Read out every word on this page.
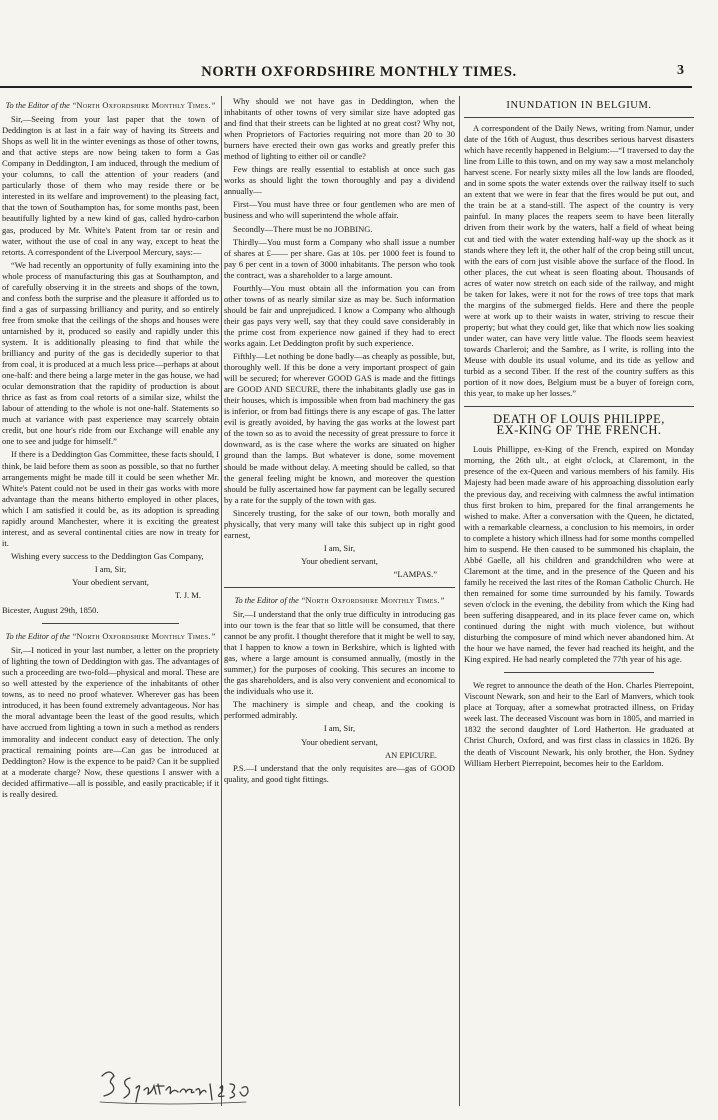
NORTH OXFORDSHIRE MONTHLY TIMES.	3

To the Editor of the “North Oxfordshire Monthly Times.”

Sir,—Seeing from your last paper that the town of Deddington is at last in a fair way of having its Streets and Shops as well lit in the winter evenings as those of other towns, and that active steps are now being taken to form a Gas Company in Deddington, I am induced, through the medium of your columns, to call the attention of your readers (and particularly those of them who may reside there or be interested in its welfare and improvement) to the pleasing fact, that the town of Southampton has, for some months past, been beautifully lighted by a new kind of gas, called hydro-carbon gas, produced by Mr. White's Patent from tar or resin and water, without the use of coal in any way, except to heat the retorts. A correspondent of the Liverpool Mercury, says:—

“We had recently an opportunity of fully examining into the whole process of manufacturing this gas at Southampton, and of carefully observing it in the streets and shops of the town, and confess both the surprise and the pleasure it afforded us to find a gas of surpassing brilliancy and purity, and so entirely free from smoke that the ceilings of the shops and houses were untarnished by it, produced so easily and rapidly under this system. It is additionally pleasing to find that while the brilliancy and purity of the gas is decidedly superior to that from coal, it is produced at a much less price—perhaps at about one-half: and there being a large meter in the gas house, we had ocular demonstration that the rapidity of production is about thrice as fast as from coal retorts of a similar size, whilst the labour of attending to the whole is not one-half. Statements so much at variance with past experience may scarcely obtain credit, but one hour's ride from our Exchange will enable any one to see and judge for himself.”

If there is a Deddington Gas Committee, these facts should, I think, be laid before them as soon as possible, so that no further arrangements might be made till it could be seen whether Mr. White's Patent could not be used in their gas works with more advantage than the means hitherto employed in other places, which I am satisfied it could be, as its adoption is spreading rapidly around Manchester, where it is exciting the greatest interest, and as several continental cities are now in treaty for it.

Wishing every success to the Deddington Gas Company,

I am, Sir,

Your obedient servant,

T. J. M.

Bicester, August 29th, 1850.

To the Editor of the “North Oxfordshire Monthly Times.”

Sir,—I noticed in your last number, a letter on the propriety of lighting the town of Deddington with gas. The advantages of such a proceeding are two-fold—physical and moral. These are so well attested by the experience of the inhabitants of other towns, as to need no proof whatever. Wherever gas has been introduced, it has been found extremely advantageous. Nor has the moral advantage been the least of the good results, which have accrued from lighting a town in such a method as renders immorality and indecent conduct easy of detection. The only practical remaining points are—Can gas be introduced at Deddington? How is the expence to be paid? Can it be supplied at a moderate charge? Now, these questions I answer with a decided affirmative—all is possible, and easily practicable; if it is really desired.

Why should we not have gas in Deddington, when the inhabitants of other towns of very similar size have adopted gas and find that their streets can be lighted at no great cost? Why not, when Proprietors of Factories requiring not more than 20 to 30 burners have erected their own gas works and greatly prefer this method of lighting to either oil or candle?

Few things are really essential to establish at once such gas works as should light the town thoroughly and pay a dividend annually—

First—You must have three or four gentlemen who are men of business and who will superintend the whole affair.

Secondly—There must be no JOBBING.

Thirdly—You must form a Company who shall issue a number of shares at £—— per share. Gas at 10s. per 1000 feet is found to pay 6 per cent in a town of 3000 inhabitants. The person who took the contract, was a shareholder to a large amount.

Fourthly—You must obtain all the information you can from other towns of as nearly similar size as may be. Such information should be fair and unprejudiced. I know a Company who although their gas pays very well, say that they could save considerably in the prime cost from experience now gained if they had to erect works again. Let Deddington profit by such experience.

Fifthly—Let nothing be done badly—as cheaply as possible, but, thoroughly well. If this be done a very important prospect of gain will be secured; for wherever GOOD GAS is made and the fittings are GOOD AND SECURE, there the inhabitants gladly use gas in their houses, which is impossible when from bad machinery the gas is inferior, or from bad fittings there is any escape of gas. The latter evil is greatly avoided, by having the gas works at the lowest part of the town so as to avoid the necessity of great pressure to force it downward, as is the case where the works are situated on higher ground than the lamps. But whatever is done, some movement should be made without delay. A meeting should be called, so that the general feeling might be known, and moreover the question should be fully ascertained how far payment can be legally secured by a rate for the supply of the town with gas.

Sincerely trusting, for the sake of our town, both morally and physically, that very many will take this subject up in right good earnest,

I am, Sir,

Your obedient servant,

“LAMPAS.”

To the Editor of the “North Oxfordshire Monthly Times.”

Sir,—I understand that the only true difficulty in introducing gas into our town is the fear that so little will be consumed, that there cannot be any profit. I thought therefore that it might be well to say, that I happen to know a town in Berkshire, which is lighted with gas, where a large amount is consumed annually, (mostly in the summer,) for the purposes of cooking. This secures an income to the gas shareholders, and is also very convenient and economical to the individuals who use it.

The machinery is simple and cheap, and the cooking is performed admirably.

I am, Sir,

Your obedient servant,

AN EPICURE.

P.S.—I understand that the only requisites are—gas of GOOD quality, and good tight fittings.

INUNDATION IN BELGIUM.

A correspondent of the Daily News, writing from Namur, under date of the 16th of August, thus describes serious harvest disasters which have recently happened in Belgium:—“I traversed to day the line from Lille to this town, and on my way saw a most melancholy harvest scene. For nearly sixty miles all the low lands are flooded, and in some spots the water extends over the railway itself to such an extent that we were in fear that the fires would be put out, and the train be at a stand-still. The aspect of the country is very painful. In many places the reapers seem to have been literally driven from their work by the waters, half a field of wheat being cut and tied with the water extending half-way up the shock as it stands where they left it, the other half of the crop being still uncut, with the ears of corn just visible above the surface of the flood. In other places, the cut wheat is seen floating about. Thousands of acres of water now stretch on each side of the railway, and might be taken for lakes, were it not for the rows of tree tops that mark the margins of the submerged fields. Here and there the people were at work up to their waists in water, striving to rescue their property; but what they could get, like that which now lies soaking under water, can have very little value. The floods seem heaviest towards Charleroi; and the Sambre, as I write, is rolling into the Meuse with double its usual volume, and its tide as yellow and turbid as a second Tiber. If the rest of the country suffers as this portion of it now does, Belgium must be a buyer of foreign corn, this year, to make up her losses.”

DEATH OF LOUIS PHILIPPE,
EX-KING OF THE FRENCH.

Louis Phillippe, ex-King of the French, expired on Monday morning, the 26th ult., at eight o'clock, at Claremont, in the presence of the ex-Queen and various members of his family. His Majesty had been made aware of his approaching dissolution early the previous day, and receiving with calmness the awful intimation thus first broken to him, prepared for the final arrangements he wished to make. After a conversation with the Queen, he dictated, with a remarkable clearness, a conclusion to his memoirs, in order to complete a history which illness had for some months compelled him to suspend. He then caused to be summoned his chaplain, the Abbé Gaelle, all his children and grandchildren who were at Claremont at the time, and in the presence of the Queen and his family he received the last rites of the Roman Catholic Church. He then remained for some time surrounded by his family. Towards seven o'clock in the evening, the debility from which the King had been suffering disappeared, and in its place fever came on, which continued during the night with much violence, but without disturbing the composure of mind which never abandoned him. At the hour we have named, the fever had reached its height, and the King expired. He had nearly completed the 77th year of his age.

We regret to announce the death of the Hon. Charles Pierrepoint, Viscount Newark, son and heir to the Earl of Manvers, which took place at Torquay, after a somewhat protracted illness, on Friday week last. The deceased Viscount was born in 1805, and married in 1832 the second daughter of Lord Hatherton. He graduated at Christ Church, Oxford, and was first class in classics in 1826. By the death of Viscount Newark, his only brother, the Hon. Sydney William Herbert Pierrepoint, becomes heir to the Earldom.
